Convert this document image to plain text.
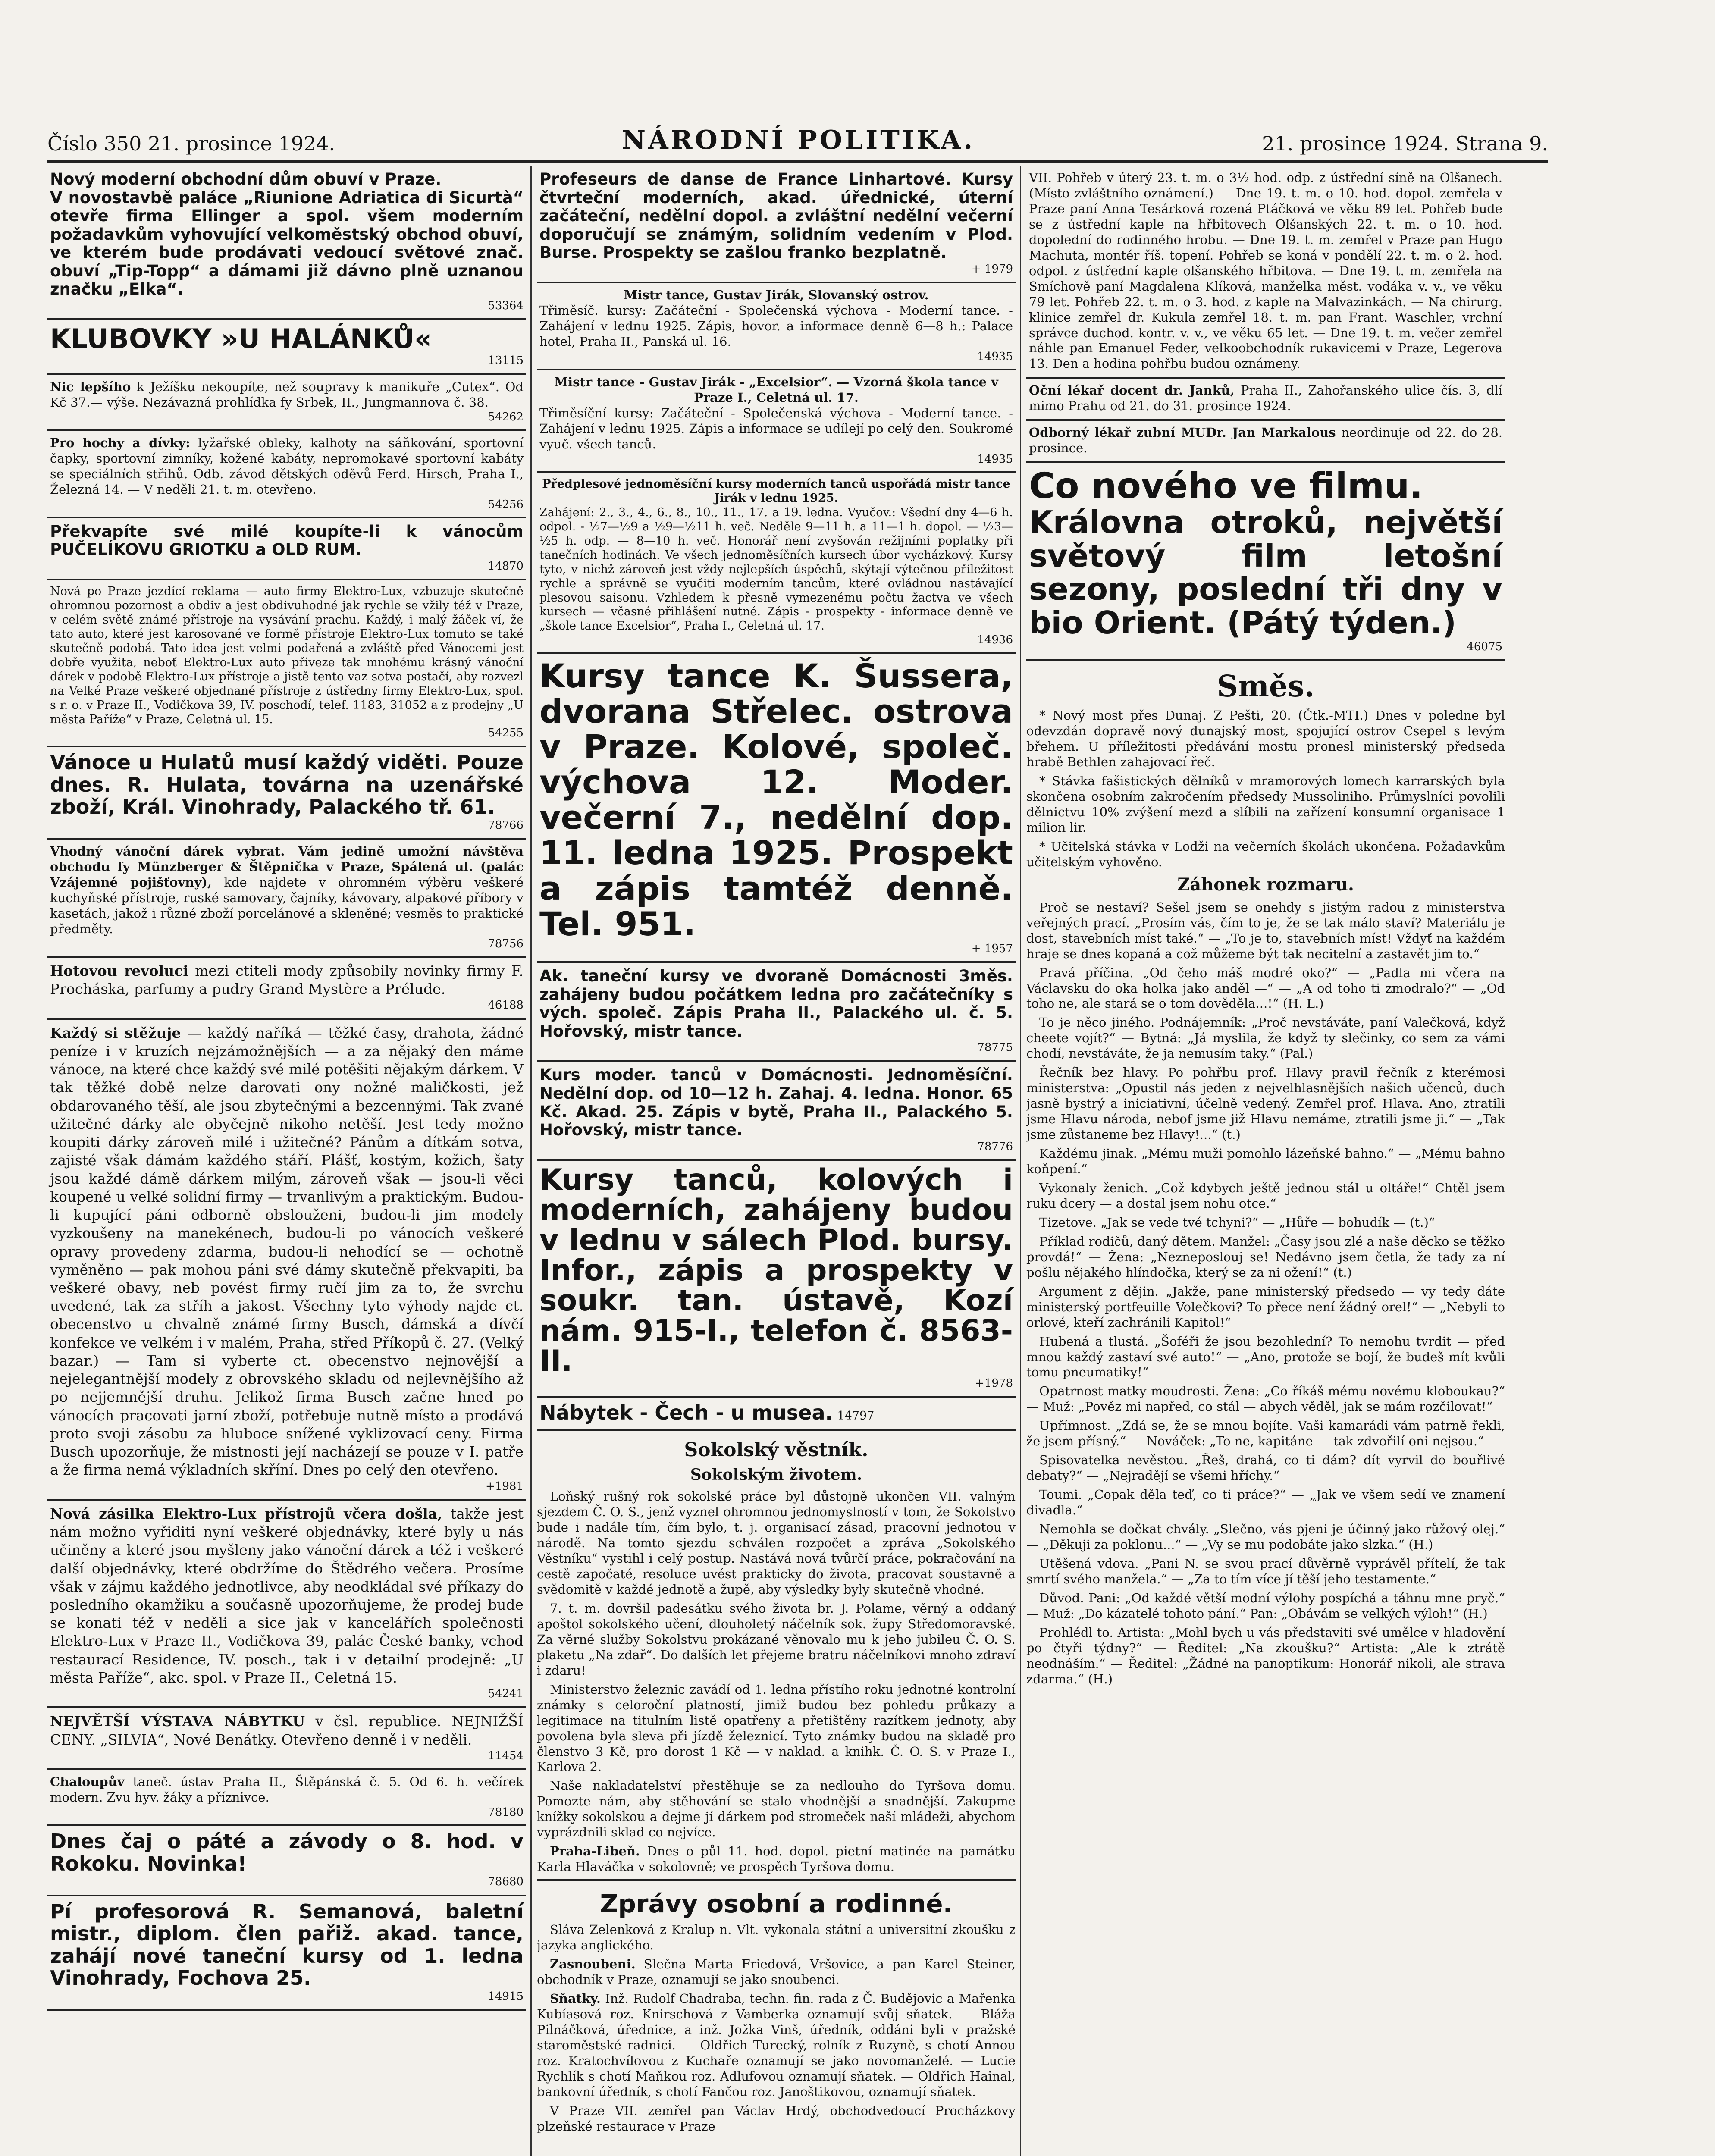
Číslo 350 21. prosince 1924.	NÁRODNÍ POLITIKA.	21. prosince 1924. Strana 9.

Nový moderní obchodní dům obuví v Praze.

V novostavbě paláce „Riunione Adriatica di Sicurtà“ otevře firma Ellinger a spol. všem moderním požadavkům vyhovující velkoměstský obchod obuví, ve kterém bude prodávati vedoucí světové znač. obuví „Tip-Topp“ a dámami již dávno plně uznanou značku „Elka“.

53364

KLUBOVKY »U HALÁNKŮ«

13115

Nic lepšího k Ježíšku nekoupíte, než soupravy k manikuře „Cutex“. Od Kč 37.— výše. Nezávazná prohlídka fy Srbek, II., Jungmannova č. 38.

54262

Pro hochy a dívky: lyžařské obleky, kalhoty na sáňkování, sportovní čapky, sportovní zimníky, kožené kabáty, nepromokavé sportovní kabáty se speciálních střihů. Odb. závod dětských oděvů Ferd. Hirsch, Praha I., Železná 14. — V neděli 21. t. m. otevřeno.

54256

Překvapíte své milé koupíte-li k vánocům PUČELÍKOVU GRIOTKU a OLD RUM.

14870

Nová po Praze jezdící reklama — auto firmy Elektro-Lux, vzbuzuje skutečně ohromnou pozornost a obdiv a jest obdivuhodné jak rychle se vžily též v Praze, v celém světě známé přístroje na vysávání prachu. Každý, i malý žáček ví, že tato auto, které jest karosované ve formě přístroje Elektro-Lux tomuto se také skutečně podobá. Tato idea jest velmi podařená a zvláště před Vánocemi jest dobře využita, neboť Elektro-Lux auto přiveze tak mnohému krásný vánoční dárek v podobě Elektro-Lux přístroje a jistě tento vaz sotva postačí, aby rozvezl na Velké Praze veškeré objednané přístroje z ústředny firmy Elektro-Lux, spol. s r. o. v Praze II., Vodičkova 39, IV. poschodí, telef. 1183, 31052 a z prodejny „U města Paříže“ v Praze, Celetná ul. 15.

54255

Vánoce u Hulatů musí každý viděti. Pouze dnes. R. Hulata, továrna na uzenářské zboží, Král. Vinohrady, Palackého tř. 61.

78766

Vhodný vánoční dárek vybrat. Vám jedině umožní návštěva obchodu fy Münzberger & Štěpnička v Praze, Spálená ul. (palác Vzájemné pojišťovny), kde najdete v ohromném výběru veškeré kuchyňské přístroje, ruské samovary, čajníky, kávovary, alpakové příbory v kasetách, jakož i různé zboží porcelánové a skleněné; vesměs to praktické předměty.

78756

Hotovou revoluci mezi ctiteli mody způsobily novinky firmy F. Procháska, parfumy a pudry Grand Mystère a Prélude.

46188

Každý si stěžuje — každý naříká — těžké časy, drahota, žádné peníze i v kruzích nejzámožnějších — a za nějaký den máme vánoce, na které chce každý své milé potěšiti nějakým dárkem. V tak těžké době nelze darovati ony nožné maličkosti, jež obdarovaného těší, ale jsou zbytečnými a bezcennými. Tak zvané užitečné dárky ale obyčejně nikoho netěší. Jest tedy možno koupiti dárky zároveň milé i užitečné? Pánům a dítkám sotva, zajisté však dámám každého stáří. Plášť, kostým, kožich, šaty jsou každé dámě dárkem milým, zároveň však — jsou-li věci koupené u velké solidní firmy — trvanlivým a praktickým. Budou-li kupující páni odborně obslouženi, budou-li jim modely vyzkoušeny na manekénech, budou-li po vánocích veškeré opravy provedeny zdarma, budou-li nehodící se — ochotně vyměněno — pak mohou páni své dámy skutečně překvapiti, ba veškeré obavy, neb povést firmy ručí jim za to, že svrchu uvedené, tak za stříh a jakost. Všechny tyto výhody najde ct. obecenstvo u chvalně známé firmy Busch, dámská a dívčí konfekce ve velkém i v malém, Praha, střed Příkopů č. 27. (Velký bazar.) — Tam si vyberte ct. obecenstvo nejnovější a nejelegantnější modely z obrovského skladu od nejlevnějšího až po nejjemnější druhu. Jelikož firma Busch začne hned po vánocích pracovati jarní zboží, potřebuje nutně místo a prodává proto svoji zásobu za hluboce snížené vyklizovací ceny. Firma Busch upozorňuje, že mistnosti její nacházejí se pouze v I. patře a že firma nemá výkladních skříní. Dnes po celý den otevřeno.

+1981

Nová zásilka Elektro-Lux přístrojů včera došla, takže jest nám možno vyřiditi nyní veškeré objednávky, které byly u nás učiněny a které jsou myšleny jako vánoční dárek a též i veškeré další objednávky, které obdržíme do Štědrého večera. Prosíme však v zájmu každého jednotlivce, aby neodkládal své příkazy do posledního okamžiku a současně upozorňujeme, že prodej bude se konati též v neděli a sice jak v kancelářích společnosti Elektro-Lux v Praze II., Vodičkova 39, palác České banky, vchod restaurací Residence, IV. posch., tak i v detailní prodejně: „U města Paříže“, akc. spol. v Praze II., Celetná 15.

54241

NEJVĚTŠÍ VÝSTAVA NÁBYTKU v čsl. republice. NEJNIŽŠÍ CENY. „SILVIA“, Nové Benátky. Otevřeno denně i v neděli.

11454

Chaloupův taneč. ústav Praha II., Štěpánská č. 5. Od 6. h. večírek modern. Zvu hyv. žáky a příznivce.

78180

Dnes čaj o páté a závody o 8. hod. v Rokoku. Novinka!

78680

Pí profesorová R. Semanová, baletní mistr., diplom. člen pařiž. akad. tance, zahájí nové taneční kursy od 1. ledna Vinohrady, Fochova 25.

14915

Profeseurs de danse de France Linhartové. Kursy čtvrteční moderních, akad. úřednické, úterní začáteční, nedělní dopol. a zvláštní nedělní večerní doporučují se známým, solidním vedením v Plod. Burse. Prospekty se zašlou franko bezplatně.

+ 1979

Mistr tance, Gustav Jirák, Slovanský ostrov.

Třiměsíč. kursy: Začáteční - Společenská výchova - Moderní tance. - Zahájení v lednu 1925. Zápis, hovor. a informace denně 6—8 h.: Palace hotel, Praha II., Panská ul. 16.

14935

Mistr tance - Gustav Jirák - „Excelsior“. — Vzorná škola tance v Praze I., Celetná ul. 17.

Třiměsíční kursy: Začáteční - Společenská výchova - Moderní tance. - Zahájení v lednu 1925. Zápis a informace se udílejí po celý den. Soukromé vyuč. všech tanců.

14935

Předplesové jednoměsíční kursy moderních tanců uspořádá mistr tance Jirák v lednu 1925.

Zahájení: 2., 3., 4., 6., 8., 10., 11., 17. a 19. ledna. Vyučov.: Všední dny 4—6 h. odpol. - ½7—½9 a ½9—½11 h. več. Neděle 9—11 h. a 11—1 h. dopol. — ½3—½5 h. odp. — 8—10 h. več. Honorář není zvyšován režijními poplatky při tanečních hodinách. Ve všech jednoměsíčních kursech úbor vycházkový. Kursy tyto, v nichž zároveň jest vždy nejlepších úspěchů, skýtají výtečnou příležitost rychle a správně se vyučiti moderním tancům, které ovládnou nastávající plesovou saisonu. Vzhledem k přesně vymezenému počtu žactva ve všech kursech — včasné přihlášení nutné. Zápis - prospekty - informace denně ve „škole tance Excelsior“, Praha I., Celetná ul. 17.

14936

Kursy tance K. Šussera, dvorana Střelec. ostrova v Praze. Kolové, společ. výchova 12. Moder. večerní 7., nedělní dop. 11. ledna 1925. Prospekt a zápis tamtéž denně. Tel. 951.

+ 1957

Ak. taneční kursy ve dvoraně Domácnosti 3měs. zahájeny budou počátkem ledna pro začátečníky s vých. společ. Zápis Praha II., Palackého ul. č. 5. Hořovský, mistr tance.

78775

Kurs moder. tanců v Domácnosti. Jednoměsíční. Nedělní dop. od 10—12 h. Zahaj. 4. ledna. Honor. 65 Kč. Akad. 25. Zápis v bytě, Praha II., Palackého 5. Hořovský, mistr tance.

78776

Kursy tanců, kolových i moderních, zahájeny budou v lednu v sálech Plod. bursy. Infor., zápis a prospekty v soukr. tan. ústavě, Kozí nám. 915-I., telefon č. 8563-II.

+1978

Nábytek - Čech - u musea. 14797

Sokolský věstník.
Sokolským životem.

Loňský rušný rok sokolské práce byl důstojně ukončen VII. valným sjezdem Č. O. S., jenž vyznel ohromnou jednomyslností v tom, že Sokolstvo bude i nadále tím, čím bylo, t. j. organisací zásad, pracovní jednotou v národě. Na tomto sjezdu schválen rozpočet a zpráva „Sokolského Věstníku“ vystihl i celý postup. Nastává nová tvůrčí práce, pokračování na cestě započaté, resoluce uvést prakticky do života, pracovat soustavně a svědomitě v každé jednotě a župě, aby výsledky byly skutečně vhodné.

7. t. m. dovršil padesátku svého života br. J. Polame, věrný a oddaný apoštol sokolského učení, dlouholetý náčelník sok. župy Středomoravské. Za věrné služby Sokolstvu prokázané věnovalo mu k jeho jubileu Č. O. S. plaketu „Na zdař“. Do dalších let přejeme bratru náčelníkovi mnoho zdraví i zdaru!

Ministerstvo železnic zavádí od 1. ledna přístího roku jednotné kontrolní známky s celoroční platností, jimiž budou bez pohledu průkazy a legitimace na titulním listě opatřeny a přetištěny razítkem jednoty, aby povolena byla sleva při jízdě železnicí. Tyto známky budou na skladě pro členstvo 3 Kč, pro dorost 1 Kč — v naklad. a knihk. Č. O. S. v Praze I., Karlova 2.

Naše nakladatelství přestěhuje se za nedlouho do Tyršova domu. Pomozte nám, aby stěhování se stalo vhodnější a snadnější. Zakupme knížky sokolskou a dejme jí dárkem pod stromeček naší mládeži, abychom vyprázdnili sklad co nejvíce.

Praha-Libeň. Dnes o půl 11. hod. dopol. pietní matinée na památku Karla Hlaváčka v sokolovně; ve prospěch Tyršova domu.

Zprávy osobní a rodinné.

Sláva Zelenková z Kralup n. Vlt. vykonala státní a universitní zkoušku z jazyka anglického.

Zasnoubeni. Slečna Marta Friedová, Vršovice, a pan Karel Steiner, obchodník v Praze, oznamují se jako snoubenci.

Sňatky. Inž. Rudolf Chadraba, techn. fin. rada z Č. Budějovic a Mařenka Kubíasová roz. Knirschová z Vamberka oznamují svůj sňatek. — Bláža Pilnáčková, úřednice, a inž. Jožka Vinš, úředník, oddáni byli v pražské staroměstské radnici. — Oldřich Turecký, rolník z Ruzyně, s chotí Annou roz. Kratochvílovou z Kuchaře oznamují se jako novomanželé. — Lucie Rychlík s chotí Maňkou roz. Adlufovou oznamují sňatek. — Oldřich Hainal, bankovní úředník, s chotí Fančou roz. Janoštikovou, oznamují sňatek.

V Praze VII. zemřel pan Václav Hrdý, obchodvedoucí Procházkovy plzeňské restaurace v Praze

VII. Pohřeb v úterý 23. t. m. o 3½ hod. odp. z ústřední síně na Olšanech. (Místo zvláštního oznámení.) — Dne 19. t. m. o 10. hod. dopol. zemřela v Praze paní Anna Tesárková rozená Ptáčková ve věku 89 let. Pohřeb bude se z ústřední kaple na hřbitovech Olšanských 22. t. m. o 10. hod. dopolední do rodinného hrobu. — Dne 19. t. m. zemřel v Praze pan Hugo Machuta, montér říš. topení. Pohřeb se koná v pondělí 22. t. m. o 2. hod. odpol. z ústřední kaple olšanského hřbitova. — Dne 19. t. m. zemřela na Smíchově paní Magdalena Klíková, manželka měst. vodáka v. v., ve věku 79 let. Pohřeb 22. t. m. o 3. hod. z kaple na Malvazinkách. — Na chirurg. klinice zemřel dr. Kukula zemřel 18. t. m. pan Frant. Waschler, vrchní správce duchod. kontr. v. v., ve věku 65 let. — Dne 19. t. m. večer zemřel náhle pan Emanuel Feder, velkoobchodník rukavicemi v Praze, Legerova 13. Den a hodina pohřbu budou oznámeny.

Oční lékař docent dr. Janků, Praha II., Zahořanského ulice čís. 3, dlí mimo Prahu od 21. do 31. prosince 1924.

Odborný lékař zubní MUDr. Jan Markalous neordinuje od 22. do 28. prosince.

Co nového ve filmu.

Královna otroků, největší světový film letošní sezony, poslední tři dny v bio Orient. (Pátý týden.)

46075
Směs.

* Nový most přes Dunaj. Z Pešti, 20. (Čtk.-MTI.) Dnes v poledne byl odevzdán dopravě nový dunajský most, spojující ostrov Csepel s levým břehem. U příležitosti předávání mostu pronesl ministerský předseda hrabě Bethlen zahajovací řeč.

* Stávka fašistických dělníků v mramorových lomech karrarských byla skončena osobním zakročením předsedy Mussoliniho. Průmyslníci povolili dělnictvu 10% zvýšení mezd a slíbili na zařízení konsumní organisace 1 milion lir.

* Učitelská stávka v Lodži na večerních školách ukončena. Požadavkům učitelským vyhověno.

Záhonek rozmaru.

Proč se nestaví? Sešel jsem se onehdy s jistým radou z ministerstva veřejných prací. „Prosím vás, čím to je, že se tak málo staví? Materiálu je dost, stavebních míst také.“ — „To je to, stavebních míst! Vždyť na každém hraje se dnes kopaná a což můžeme být tak necitelní a zastavět jim to.“

Pravá příčina. „Od čeho máš modré oko?“ — „Padla mi včera na Václavsku do oka holka jako anděl —“ — „A od toho ti zmodralo?“ — „Od toho ne, ale stará se o tom dověděla...!“ (H. L.)

To je něco jiného. Podnájemník: „Proč nevstáváte, paní Valečková, když cheete vojít?“ — Bytná: „Já myslila, že když ty slečinky, co sem za vámi chodí, nevstáváte, že ja nemusím taky.“ (Pal.)

Řečník bez hlavy. Po pohřbu prof. Hlavy pravil řečník z kterémosi ministerstva: „Opustil nás jeden z nejvelhlasnějších našich učenců, duch jasně bystrý a iniciativní, účelně vedený. Zemřel prof. Hlava. Ano, ztratili jsme Hlavu národa, nebof jsme již Hlavu nemáme, ztratili jsme ji.“ — „Tak jsme zůstaneme bez Hlavy!...“ (t.)

Každému jinak. „Mému muži pomohlo lázeňské bahno.“ — „Mému bahno koňpení.“

Vykonaly ženich. „Což kdybych ještě jednou stál u oltáře!“ Chtěl jsem ruku dcery — a dostal jsem nohu otce.“

Tizetove. „Jak se vede tvé tchyni?“ — „Hůře — bohudík — (t.)“

Příklad rodičů, daný dětem. Manžel: „Časy jsou zlé a naše děcko se těžko provdá!“ — Žena: „Nezneposlouj se! Nedávno jsem četla, že tady za ní pošlu nějakého hlíndočka, který se za ni ožení!“ (t.)

Argument z dějin. „Jakže, pane ministerský předsedo — vy tedy dáte ministerský portfeuille Volečkovi? To přece není žádný orel!“ — „Nebyli to orlové, kteří zachránili Kapitol!“

Hubená a tlustá. „Šoféři že jsou bezohlední? To nemohu tvrdit — před mnou každý zastaví své auto!“ — „Ano, protože se bojí, že budeš mít kvůli tomu pneumatiky!“

Opatrnost matky moudrosti. Žena: „Co říkáš mému novému kloboukau?“ — Muž: „Pověz mi napřed, co stál — abych věděl, jak se mám rozčilovat!“

Upřímnost. „Zdá se, že se mnou bojíte. Vaši kamarádi vám patrně řekli, že jsem přísný.“ — Nováček: „To ne, kapitáne — tak zdvořilí oni nejsou.“

Spisovatelka nevěstou. „Řeš, drahá, co ti dám? dít vyrvil do bouřlivé debaty?“ — „Nejradějí se všemi hříchy.“

Toumi. „Copak děla teď, co ti práce?“ — „Jak ve všem sedí ve znamení divadla.“

Nemohla se dočkat chvály. „Slečno, vás pjeni je účinný jako růžový olej.“ — „Děkuji za poklonu...“ — „Vy se mu podobáte jako slzka.“ (H.)

Utěšená vdova. „Pani N. se svou prací důvěrně vyprávěl přítelí, že tak smrtí svého manžela.“ — „Za to tím více jí těší jeho testamente.“

Důvod. Pani: „Od každé větší modní výlohy pospíchá a táhnu mne pryč.“ — Muž: „Do kázatelé tohoto pání.“ Pan: „Obávám se velkých výloh!“ (H.)

Prohlédl to. Artista: „Mohl bych u vás představiti své umělce v hladovění po čtyři týdny?“ — Ředitel: „Na zkoušku?“ Artista: „Ale k ztrátě neodnáším.“ — Ředitel: „Žádné na panoptikum: Honorář nikoli, ale strava zdarma.“ (H.)
